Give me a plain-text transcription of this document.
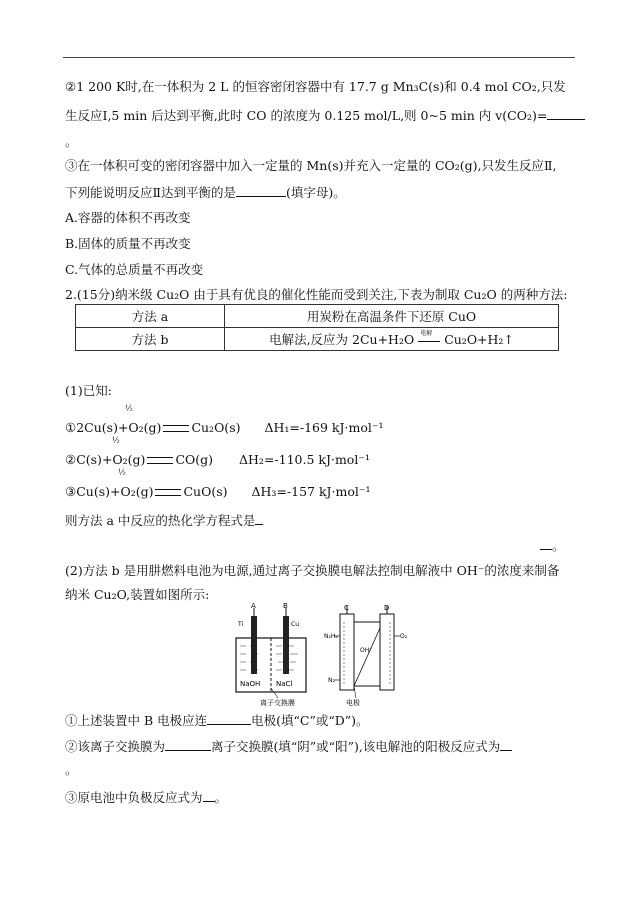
②1 200 K时,在一体积为 2 L 的恒容密闭容器中有 17.7 g Mn₃C(s)和 0.4 mol CO₂,只发
生反应Ⅰ,5 min 后达到平衡,此时 CO 的浓度为 0.125 mol/L,则 0~5 min 内 v(CO₂)=
。
③在一体积可变的密闭容器中加入一定量的 Mn(s)并充入一定量的 CO₂(g),只发生反应Ⅱ,
下列能说明反应Ⅱ达到平衡的是	(填字母)。
A.容器的体积不再改变
B.固体的质量不再改变
C.气体的总质量不再改变
2.(15分)纳米级 Cu₂O 由于具有优良的催化性能而受到关注,下表为制取 Cu₂O 的两种方法:
方法 a	用炭粉在高温条件下还原 CuO
方法 b	电解法,反应为 2Cu+H₂O 电解 Cu₂O+H₂↑
(1)已知:
½
①2Cu(s)+O₂(g) Cu₂O(s) ΔH₁=-169 kJ·mol⁻¹
½
②C(s)+O₂(g) CO(g) ΔH₂=-110.5 kJ·mol⁻¹
½
③Cu(s)+O₂(g) CuO(s) ΔH₃=-157 kJ·mol⁻¹
则方法 a 中反应的热化学方程式是
。
(2)方法 b 是用肼燃料电池为电源,通过离子交换膜电解法控制电解液中 OH⁻的浓度来制备
纳米 Cu₂O,装置如图所示:
A	B
Ti	Cu
NaOH NaCl
离子交换膜
C	D
N₂H₄	O₂
OH⁻
N₂
电极
①上述装置中 B 电极应连	电极(填“C”或“D”)。
②该离子交换膜为	离子交换膜(填“阴”或“阳”),该电解池的阳极反应式为
。
③原电池中负极反应式为 。
